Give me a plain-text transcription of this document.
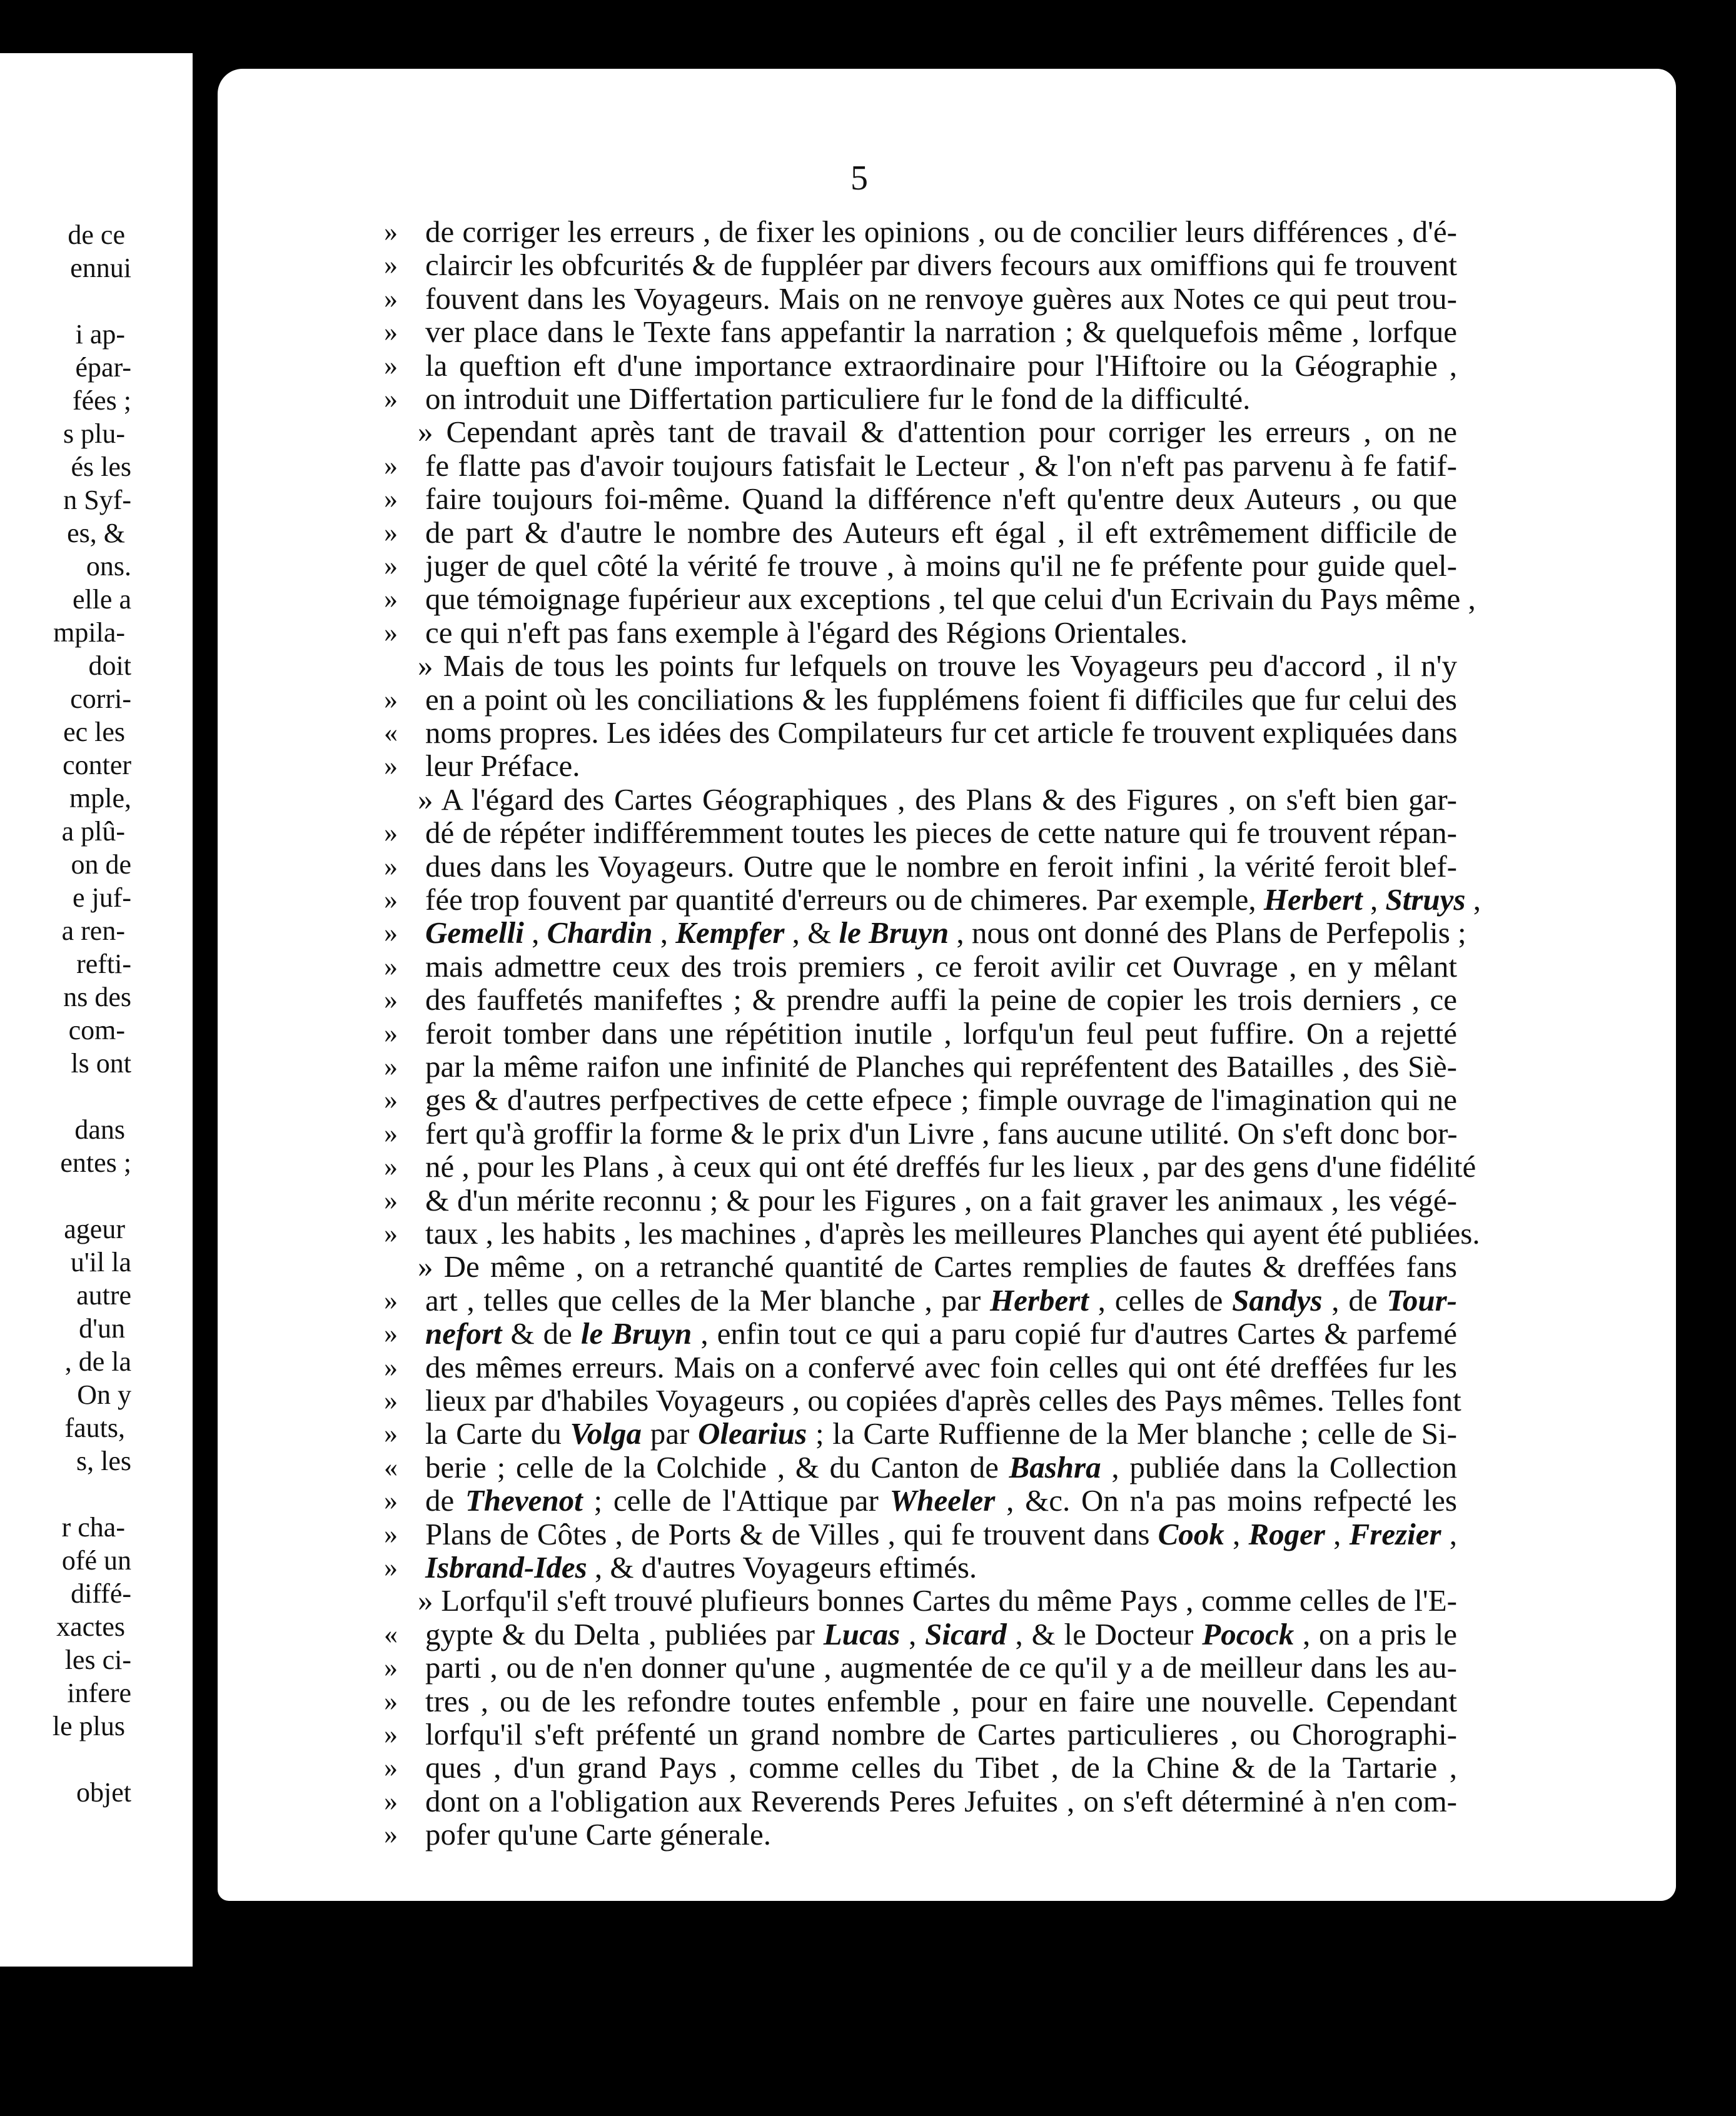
de ce
ennui
i ap-
épar-
fées ;
s plu-
és les
n Syf-
es, &
ons.
elle a
mpila-
doit
corri-
ec les
conter
mple,
a plû-
on de
e juf-
a ren-
refti-
ns des
com-
ls ont
dans
entes ;
ageur
u'il la
autre
d'un
, de la
On y
fauts,
s, les
r cha-
ofé un
diffé-
xactes
les ci-
infere
le plus
objet
5
» de corriger les erreurs , de fixer les opinions , ou de concilier leurs différences , d'é-
» claircir les obfcurités & de fuppléer par divers fecours aux omiffions qui fe trouvent
» fouvent dans les Voyageurs. Mais on ne renvoye guères aux Notes ce qui peut trou-
» ver place dans le Texte fans appefantir la narration ; & quelquefois même , lorfque
» la queftion eft d'une importance extraordinaire pour l'Hiftoire ou la Géographie ,
» on introduit une Differtation particuliere fur le fond de la difficulté.
» Cependant après tant de travail & d'attention pour corriger les erreurs , on ne
» fe flatte pas d'avoir toujours fatisfait le Lecteur , & l'on n'eft pas parvenu à fe fatif-
» faire toujours foi-même. Quand la différence n'eft qu'entre deux Auteurs , ou que
» de part & d'autre le nombre des Auteurs eft égal , il eft extrêmement difficile de
» juger de quel côté la vérité fe trouve , à moins qu'il ne fe préfente pour guide quel-
» que témoignage fupérieur aux exceptions , tel que celui d'un Ecrivain du Pays même ,
» ce qui n'eft pas fans exemple à l'égard des Régions Orientales.
» Mais de tous les points fur lefquels on trouve les Voyageurs peu d'accord , il n'y
» en a point où les conciliations & les fupplémens foient fi difficiles que fur celui des
« noms propres. Les idées des Compilateurs fur cet article fe trouvent expliquées dans
» leur Préface.
» A l'égard des Cartes Géographiques , des Plans & des Figures , on s'eft bien gar-
» dé de répéter indifféremment toutes les pieces de cette nature qui fe trouvent répan-
» dues dans les Voyageurs. Outre que le nombre en feroit infini , la vérité feroit blef-
» fée trop fouvent par quantité d'erreurs ou de chimeres. Par exemple, Herbert , Struys
» Gemelli , Chardin , Kempfer , & le Bruyn , nous ont donné des Plans de Perfepolis ;
» mais admettre ceux des trois premiers , ce feroit avilir cet Ouvrage , en y mêlant
» des fauffetés manifeftes ; & prendre auffi la peine de copier les trois derniers , ce
» feroit tomber dans une répétition inutile , lorfqu'un feul peut fuffire. On a rejetté
» par la même raifon une infinité de Planches qui repréfentent des Batailles , des Siè-
» ges & d'autres perfpectives de cette efpece ; fimple ouvrage de l'imagination qui ne
» fert qu'à groffir la forme & le prix d'un Livre , fans aucune utilité. On s'eft donc bor-
» né , pour les Plans , à ceux qui ont été dreffés fur les lieux , par des gens d'une fidélité
» & d'un mérite reconnu ; & pour les Figures , on a fait graver les animaux , les végé-
» taux , les habits , les machines , d'après les meilleures Planches qui ayent été publiées.
» De même , on a retranché quantité de Cartes remplies de fautes & dreffées fans
» art , telles que celles de la Mer blanche , par Herbert , celles de Sandys , de Tour-
» nefort & de le Bruyn , enfin tout ce qui a paru copié fur d'autres Cartes & parfemé
» des mêmes erreurs. Mais on a confervé avec foin celles qui ont été dreffées fur les
» lieux par d'habiles Voyageurs , ou copiées d'après celles des Pays mêmes. Telles font
» la Carte du Volga par Olearius ; la Carte Ruffienne de la Mer blanche ; celle de Si-
« berie ; celle de la Colchide , & du Canton de Bashra , publiée dans la Collection
» de Thevenot ; celle de l'Attique par Wheeler , &c. On n'a pas moins refpecté les
» Plans de Côtes , de Ports & de Villes , qui fe trouvent dans Cook , Roger , Frezier ,
» Isbrand-Ides , & d'autres Voyageurs eftimés.
» Lorfqu'il s'eft trouvé plufieurs bonnes Cartes du même Pays , comme celles de l'E-
« gypte & du Delta , publiées par Lucas , Sicard , & le Docteur Pocock , on a pris le
» parti , ou de n'en donner qu'une , augmentée de ce qu'il y a de meilleur dans les au-
» tres , ou de les refondre toutes enfemble , pour en faire une nouvelle. Cependant
» lorfqu'il s'eft préfenté un grand nombre de Cartes particulieres , ou Chorographi-
» ques , d'un grand Pays , comme celles du Tibet , de la Chine & de la Tartarie ,
» dont on a l'obligation aux Reverends Peres Jefuites , on s'eft déterminé à n'en com-
» pofer qu'une Carte génerale.
